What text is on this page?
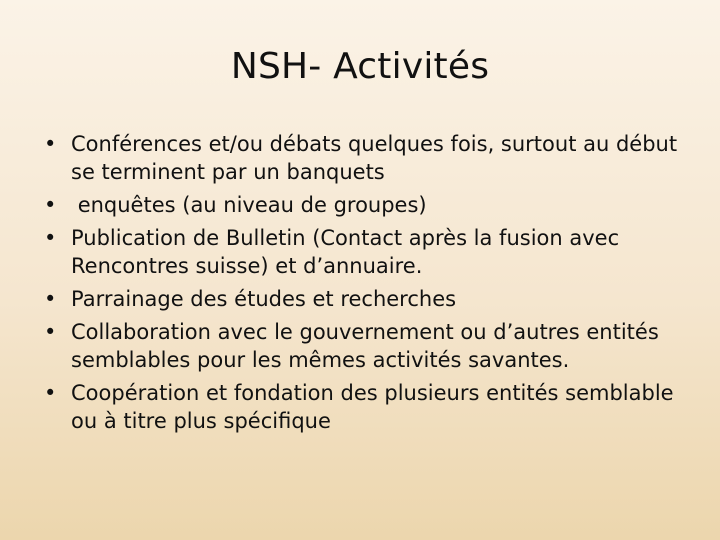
NSH- Activités
• Conférences et/ou débats quelques fois, surtout au début se terminent par un banquets
• enquêtes (au niveau de groupes)
• Publication de Bulletin (Contact après la fusion avec Rencontres suisse) et d’annuaire.
• Parrainage des études et recherches
• Collaboration avec le gouvernement ou d’autres entités semblables pour les mêmes activités savantes.
• Coopération et fondation des plusieurs entités semblable ou à titre plus spécifique
